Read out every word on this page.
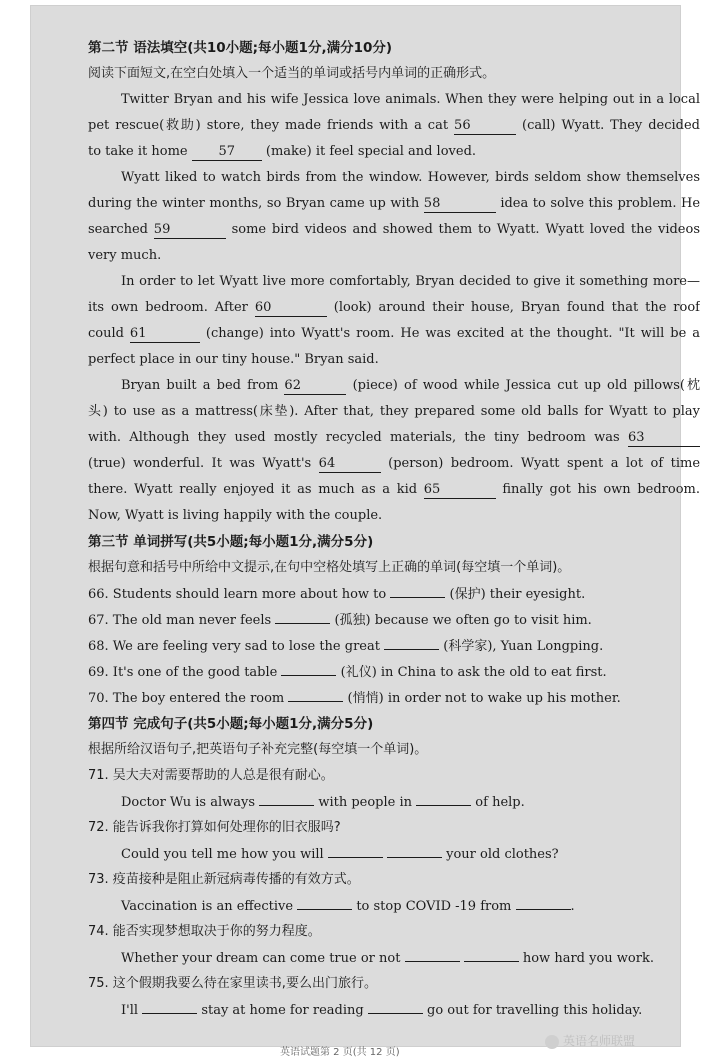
第二节 语法填空(共10小题;每小题1分,满分10分)
阅读下面短文,在空白处填入一个适当的单词或括号内单词的正确形式。
Twitter Bryan and his wife Jessica love animals. When they were helping out in a local
pet rescue(救助) store, they made friends with a cat 56	(call) Wyatt. They decided
to take it home 57 (make) it feel special and loved.
Wyatt liked to watch birds from the window. However, birds seldom show themselves
during the winter months, so Bryan came up with 58	idea to solve this problem. He
searched 59	some bird videos and showed them to Wyatt. Wyatt loved the videos
very much.
In order to let Wyatt live more comfortably, Bryan decided to give it something more—
its own bedroom. After 60	(look) around their house, Bryan found that the roof
could 61	(change) into Wyatt's room. He was excited at the thought. "It will be a
perfect place in our tiny house." Bryan said.
Bryan built a bed from 62	(piece) of wood while Jessica cut up old pillows(枕
头) to use as a mattress(床垫). After that, they prepared some old balls for Wyatt to play
with. Although they used mostly recycled materials, the tiny bedroom was 63
(true) wonderful. It was Wyatt's 64	(person) bedroom. Wyatt spent a lot of time
there. Wyatt really enjoyed it as much as a kid 65	finally got his own bedroom.
Now, Wyatt is living happily with the couple.
第三节 单词拼写(共5小题;每小题1分,满分5分)
根据句意和括号中所给中文提示,在句中空格处填写上正确的单词(每空填一个单词)。
66. Students should learn more about how to	(保护) their eyesight.
67. The old man never feels	(孤独) because we often go to visit him.
68. We are feeling very sad to lose the great	(科学家), Yuan Longping.
69. It's one of the good table	(礼仪) in China to ask the old to eat first.
70. The boy entered the room	(悄悄) in order not to wake up his mother.
第四节 完成句子(共5小题;每小题1分,满分5分)
根据所给汉语句子,把英语句子补充完整(每空填一个单词)。
71. 吴大夫对需要帮助的人总是很有耐心。
Doctor Wu is always	with people in	of help.
72. 能告诉我你打算如何处理你的旧衣服吗?
Could you tell me how you will	your old clothes?
73. 疫苗接种是阻止新冠病毒传播的有效方式。
Vaccination is an effective	to stop COVID -19 from	.
74. 能否实现梦想取决于你的努力程度。
Whether your dream can come true or not	how hard you work.
75. 这个假期我要么待在家里读书,要么出门旅行。
I'll	stay at home for reading	go out for travelling this holiday.
英语试题第 2 页(共 12 页)
英语名师联盟
